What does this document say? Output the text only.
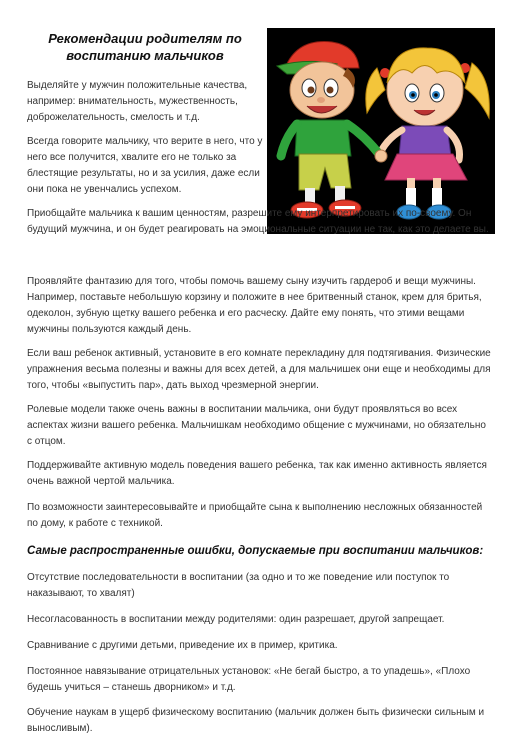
Рекомендации родителям по воспитанию мальчиков

Выделяйте у мужчин положительные качества, например: внимательность, мужественность, доброжелательность, смелость и т.д.

Всегда говорите мальчику, что верите в него, что у него все получится, хвалите его не только за блестящие результаты, но и за усилия, даже если они пока не увенчались успехом.

Приобщайте мальчика к вашим ценностям, разрешите ему интерпретировать их по-своему. Он будущий мужчина, и он будет реагировать на эмоциональные ситуации не так, как это делаете вы.

Проявляйте фантазию для того, чтобы помочь вашему сыну изучить гардероб и вещи мужчины. Например, поставьте небольшую корзину и положите в нее бритвенный станок, крем для бритья, одеколон, зубную щетку вашего ребенка и его расческу. Дайте ему понять, что этими вещами мужчины пользуются каждый день.

Если ваш ребенок активный, установите в его комнате перекладину для подтягивания. Физические упражнения весьма полезны и важны для всех детей, а для мальчишек они еще и необходимы для того, чтобы «выпустить пар», дать выход чрезмерной энергии.

Ролевые модели также очень важны в воспитании мальчика, они будут проявляться во всех аспектах жизни вашего ребенка. Мальчишкам необходимо общение с мужчинами, но обязательно с отцом.

Поддерживайте активную модель поведения вашего ребенка, так как именно активность является очень важной чертой мальчика.

По возможности заинтересовывайте и приобщайте сына к выполнению несложных обязанностей по дому, к работе с техникой.

Самые распространенные ошибки, допускаемые при воспитании мальчиков:

Отсутствие последовательности в воспитании (за одно и то же поведение или поступок то наказывают, то хвалят)

Несогласованность в воспитании между родителями: один разрешает, другой запрещает.

Сравнивание с другими детьми, приведение их в пример, критика.

Постоянное навязывание отрицательных установок: «Не бегай быстро, а то упадешь», «Плохо будешь учиться – станешь дворником» и т.д.

Обучение наукам в ущерб физическому воспитанию (мальчик должен быть физически сильным и выносливым).
